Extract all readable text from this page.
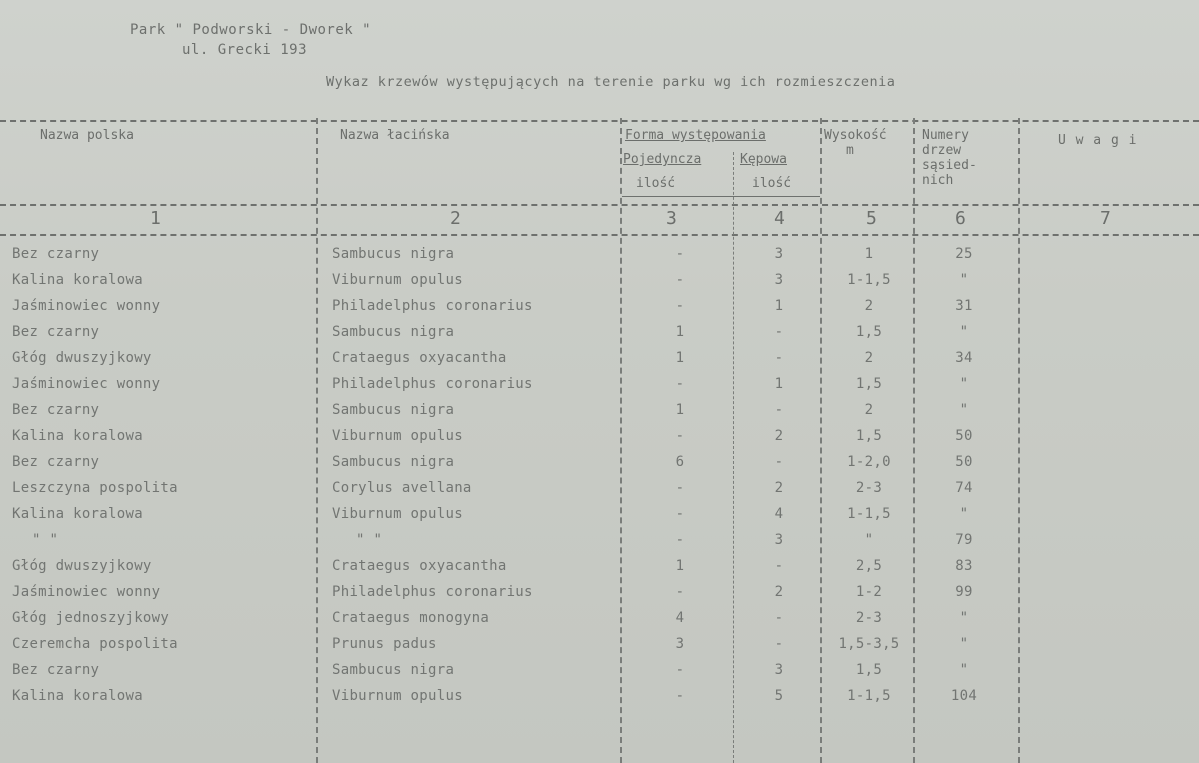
Park " Podworski - Dworek "
ul. Grecki 193
Wykaz krzewów występujących na terenie parku wg ich rozmieszczenia
Nazwa polska	Nazwa łacińska	Forma występowania
Pojedyncza	Kępowa
ilość	ilość
Wysokość
m
Numery
drzew
sąsied-
nich
U w a g i
1	2	3	4	5	6	7
Bez czarny	Sambucus nigra	-	3	1	25
Kalina koralowa	Viburnum opulus	-	3	1-1,5	"
Jaśminowiec wonny	Philadelphus coronarius	-	1	2	31
Bez czarny	Sambucus nigra	1	-	1,5	"
Głóg dwuszyjkowy	Crataegus oxyacantha	1	-	2	34
Jaśminowiec wonny	Philadelphus coronarius	-	1	1,5	"
Bez czarny	Sambucus nigra	1	-	2	"
Kalina koralowa	Viburnum opulus	-	2	1,5	50
Bez czarny	Sambucus nigra	6	-	1-2,0	50
Leszczyna pospolita	Corylus avellana	-	2	2-3	74
Kalina koralowa	Viburnum opulus	-	4	1-1,5	"
" "	" "	-	3	"	79
Głóg dwuszyjkowy	Crataegus oxyacantha	1	-	2,5	83
Jaśminowiec wonny	Philadelphus coronarius	-	2	1-2	99
Głóg jednoszyjkowy	Crataegus monogyna	4	-	2-3	"
Czeremcha pospolita	Prunus padus	3	-	1,5-3,5	"
Bez czarny	Sambucus nigra	-	3	1,5	"
Kalina koralowa	Viburnum opulus	-	5	1-1,5	104
